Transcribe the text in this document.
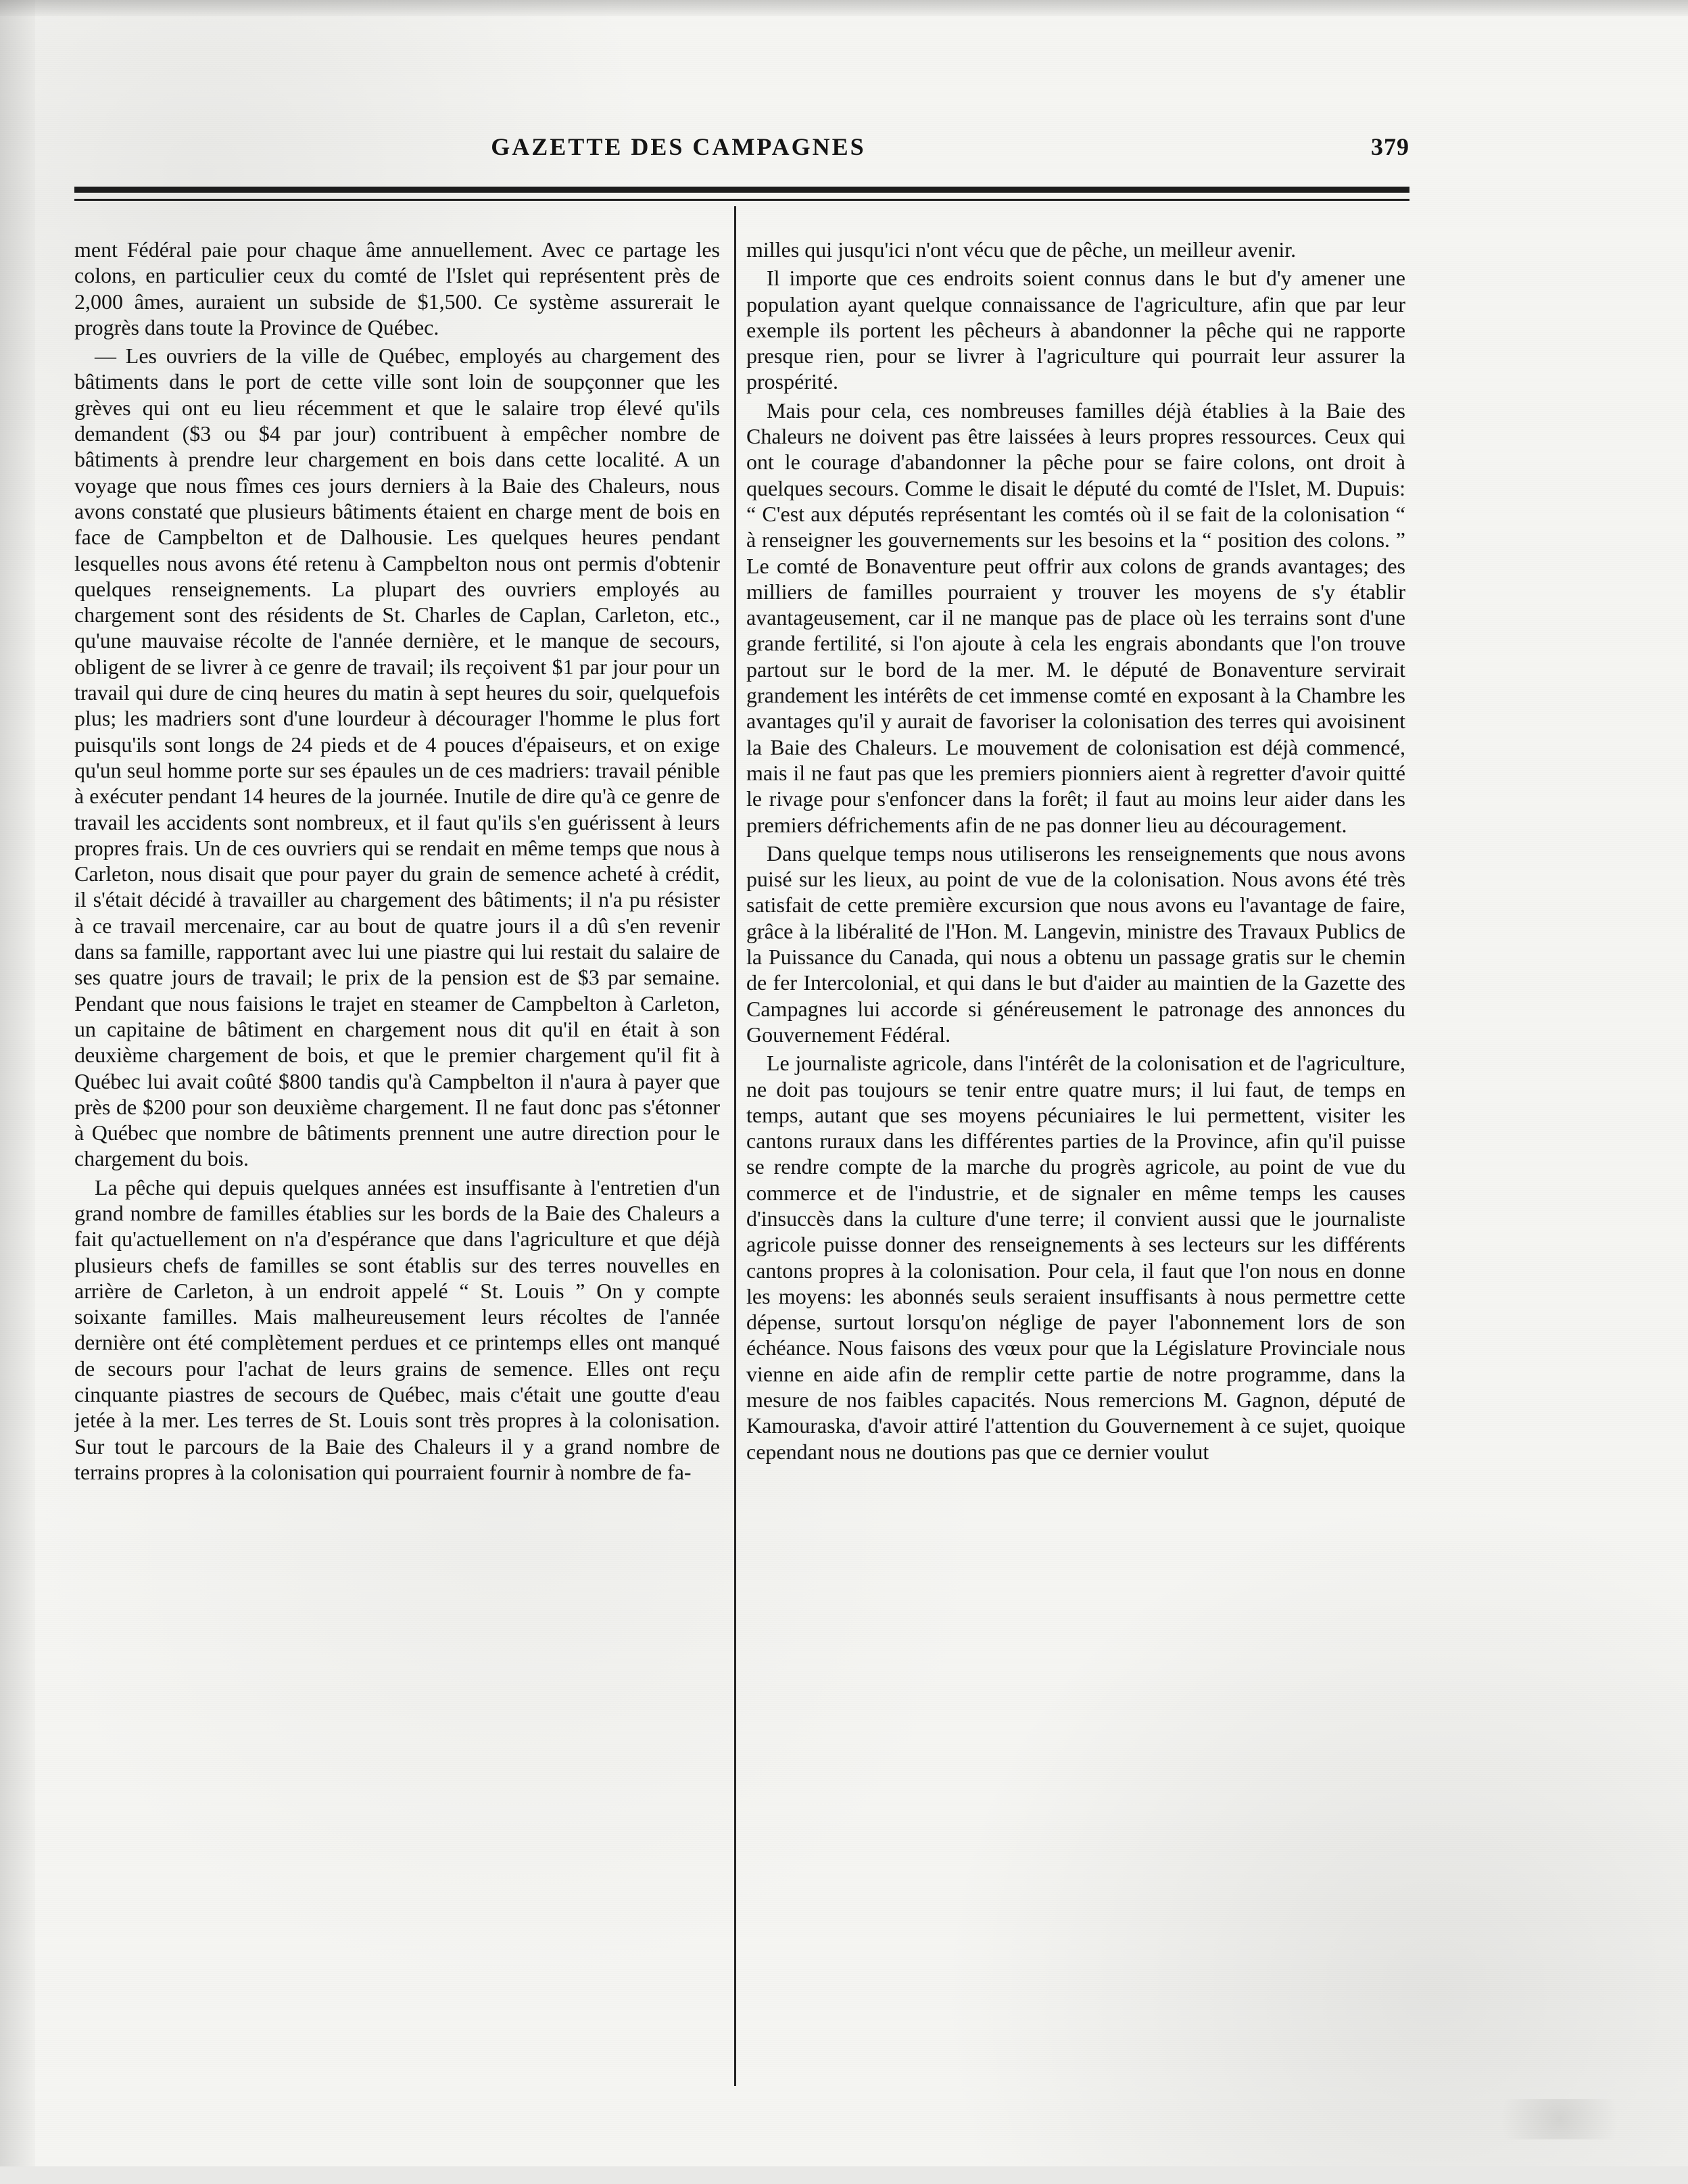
GAZETTE DES CAMPAGNES	379

ment Fédéral paie pour chaque âme annuellement. Avec ce partage les colons, en particulier ceux du comté de l'Islet qui représentent près de 2,000 âmes, auraient un subside de $1,500. Ce système assurerait le progrès dans toute la Province de Québec.

— Les ouvriers de la ville de Québec, employés au chargement des bâtiments dans le port de cette ville sont loin de soupçonner que les grèves qui ont eu lieu récemment et que le salaire trop élevé qu'ils demandent ($3 ou $4 par jour) contribuent à empêcher nombre de bâtiments à prendre leur chargement en bois dans cette localité. A un voyage que nous fîmes ces jours derniers à la Baie des Chaleurs, nous avons constaté que plusieurs bâtiments étaient en charge ment de bois en face de Campbelton et de Dalhousie. Les quelques heures pendant lesquelles nous avons été retenu à Campbelton nous ont permis d'obtenir quelques renseignements. La plupart des ouvriers employés au chargement sont des résidents de St. Charles de Caplan, Carleton, etc., qu'une mauvaise récolte de l'année dernière, et le manque de secours, obligent de se livrer à ce genre de travail; ils reçoivent $1 par jour pour un travail qui dure de cinq heures du matin à sept heures du soir, quelquefois plus; les madriers sont d'une lourdeur à décourager l'homme le plus fort puisqu'ils sont longs de 24 pieds et de 4 pouces d'épaiseurs, et on exige qu'un seul homme porte sur ses épaules un de ces madriers: travail pénible à exécuter pendant 14 heures de la journée. Inutile de dire qu'à ce genre de travail les accidents sont nombreux, et il faut qu'ils s'en guérissent à leurs propres frais. Un de ces ouvriers qui se rendait en même temps que nous à Carleton, nous disait que pour payer du grain de semence acheté à crédit, il s'était décidé à travailler au chargement des bâtiments; il n'a pu résister à ce travail mercenaire, car au bout de quatre jours il a dû s'en revenir dans sa famille, rapportant avec lui une piastre qui lui restait du salaire de ses quatre jours de travail; le prix de la pension est de $3 par semaine. Pendant que nous faisions le trajet en steamer de Campbelton à Carleton, un capitaine de bâtiment en chargement nous dit qu'il en était à son deuxième chargement de bois, et que le premier chargement qu'il fit à Québec lui avait coûté $800 tandis qu'à Campbelton il n'aura à payer que près de $200 pour son deuxième chargement. Il ne faut donc pas s'étonner à Québec que nombre de bâtiments prennent une autre direction pour le chargement du bois.

La pêche qui depuis quelques années est insuffisante à l'entretien d'un grand nombre de familles établies sur les bords de la Baie des Chaleurs a fait qu'actuellement on n'a d'espérance que dans l'agriculture et que déjà plusieurs chefs de familles se sont établis sur des terres nouvelles en arrière de Carleton, à un endroit appelé “ St. Louis ” On y compte soixante familles. Mais malheureusement leurs récoltes de l'année dernière ont été complètement perdues et ce printemps elles ont manqué de secours pour l'achat de leurs grains de semence. Elles ont reçu cinquante piastres de secours de Québec, mais c'était une goutte d'eau jetée à la mer. Les terres de St. Louis sont très propres à la colonisation. Sur tout le parcours de la Baie des Chaleurs il y a grand nombre de terrains propres à la colonisation qui pourraient fournir à nombre de fa-

milles qui jusqu'ici n'ont vécu que de pêche, un meilleur avenir.

Il importe que ces endroits soient connus dans le but d'y amener une population ayant quelque connaissance de l'agriculture, afin que par leur exemple ils portent les pêcheurs à abandonner la pêche qui ne rapporte presque rien, pour se livrer à l'agriculture qui pourrait leur assurer la prospérité.

Mais pour cela, ces nombreuses familles déjà établies à la Baie des Chaleurs ne doivent pas être laissées à leurs propres ressources. Ceux qui ont le courage d'abandonner la pêche pour se faire colons, ont droit à quelques secours. Comme le disait le député du comté de l'Islet, M. Dupuis: “ C'est aux députés représentant les comtés où il se fait de la colonisation “ à renseigner les gouvernements sur les besoins et la “ position des colons. ” Le comté de Bonaventure peut offrir aux colons de grands avantages; des milliers de familles pourraient y trouver les moyens de s'y établir avantageusement, car il ne manque pas de place où les terrains sont d'une grande fertilité, si l'on ajoute à cela les engrais abondants que l'on trouve partout sur le bord de la mer. M. le député de Bonaventure servirait grandement les intérêts de cet immense comté en exposant à la Chambre les avantages qu'il y aurait de favoriser la colonisation des terres qui avoisinent la Baie des Chaleurs. Le mouvement de colonisation est déjà commencé, mais il ne faut pas que les premiers pionniers aient à regretter d'avoir quitté le rivage pour s'enfoncer dans la forêt; il faut au moins leur aider dans les premiers défrichements afin de ne pas donner lieu au découragement.

Dans quelque temps nous utiliserons les renseignements que nous avons puisé sur les lieux, au point de vue de la colonisation. Nous avons été très satisfait de cette première excursion que nous avons eu l'avantage de faire, grâce à la libéralité de l'Hon. M. Langevin, ministre des Travaux Publics de la Puissance du Canada, qui nous a obtenu un passage gratis sur le chemin de fer Intercolonial, et qui dans le but d'aider au maintien de la Gazette des Campagnes lui accorde si généreusement le patronage des annonces du Gouvernement Fédéral.

Le journaliste agricole, dans l'intérêt de la colonisation et de l'agriculture, ne doit pas toujours se tenir entre quatre murs; il lui faut, de temps en temps, autant que ses moyens pécuniaires le lui permettent, visiter les cantons ruraux dans les différentes parties de la Province, afin qu'il puisse se rendre compte de la marche du progrès agricole, au point de vue du commerce et de l'industrie, et de signaler en même temps les causes d'insuccès dans la culture d'une terre; il convient aussi que le journaliste agricole puisse donner des renseignements à ses lecteurs sur les différents cantons propres à la colonisation. Pour cela, il faut que l'on nous en donne les moyens: les abonnés seuls seraient insuffisants à nous permettre cette dépense, surtout lorsqu'on néglige de payer l'abonnement lors de son échéance. Nous faisons des vœux pour que la Législature Provinciale nous vienne en aide afin de remplir cette partie de notre programme, dans la mesure de nos faibles capacités. Nous remercions M. Gagnon, député de Kamouraska, d'avoir attiré l'attention du Gouvernement à ce sujet, quoique cependant nous ne doutions pas que ce dernier voulut
